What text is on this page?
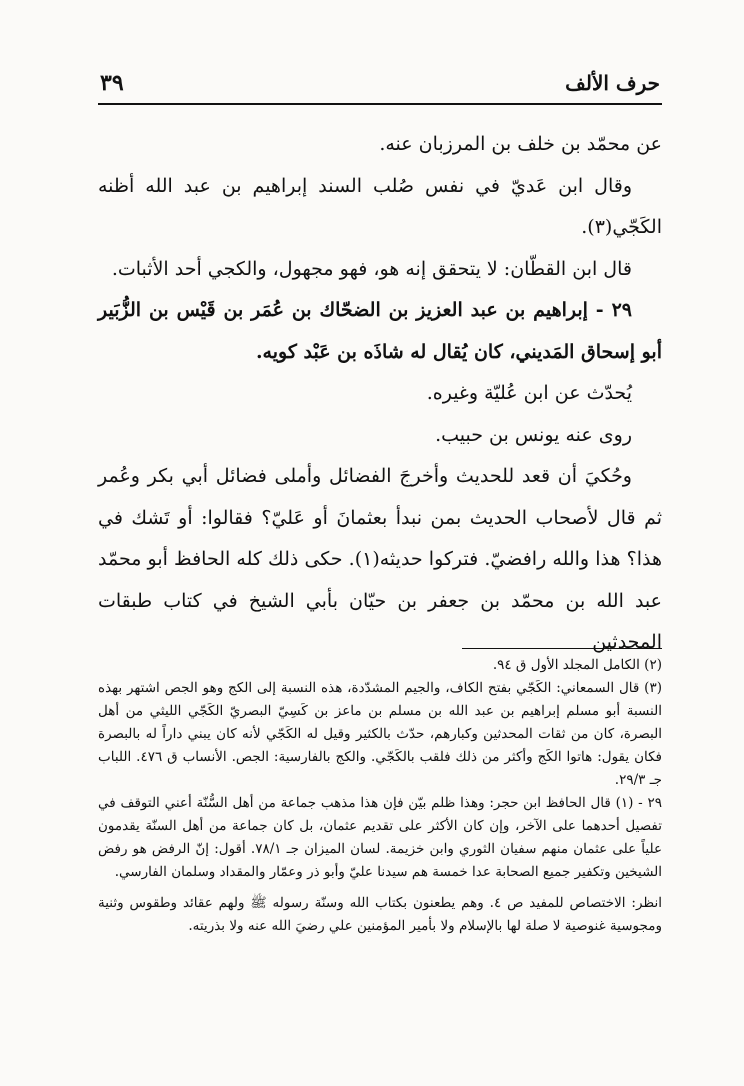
حرف الألف
٣٩

عن محمّد بن خلف بن المرزبان عنه.

وقال ابن عَديّ في نفس صُلب السند إبراهيم بن عبد الله أظنه الكَجّي(٣).

قال ابن القطّان: لا يتحقق إنه هو، فهو مجهول، والكجي أحد الأثبات.

٢٩ - إبراهيم بن عبد العزيز بن الضحّاك بن عُمَر بن قَيْس بن الزُّبَير أبو إسحاق المَديني، كان يُقال له شاذَه بن عَبْد كويه.

يُحدّث عن ابن عُليّة وغيره.

روى عنه يونس بن حبيب.

وحُكيَ أن قعد للحديث وأخرجَ الفضائل وأملى فضائل أبي بكر وعُمر ثم قال لأصحاب الحديث بمن نبدأ بعثمانَ أو عَليّ؟ فقالوا: أو تَشك في هذا؟ هذا والله رافضيّ. فتركوا حديثه(١). حكى ذلك كله الحافظ أبو محمّد عبد الله بن محمّد بن جعفر بن حيّان بأبي الشيخ في كتاب طبقات المحدثين

(٢) الكامل المجلد الأول ق ٩٤.

(٣) قال السمعاني: الكَجّي بفتح الكاف، والجيم المشدّدة، هذه النسبة إلى الكج وهو الجص اشتهر بهذه النسبة أبو مسلم إبراهيم بن عبد الله بن مسلم بن ماعز بن كَسِيّ البصريّ الكَجّي الليثي من أهل البصرة، كان من ثقات المحدثين وكبارهم، حدّث بالكثير وقيل له الكَجّي لأنه كان يبني داراً له بالبصرة فكان يقول: هاتوا الكَج وأكثر من ذلك فلقب بالكَجّي. والكج بالفارسية: الجص. الأنساب ق ٤٧٦. اللباب جـ ٢٩/٣.

٢٩ - (١) قال الحافظ ابن حجر: وهذا ظلم بيّن فإن هذا مذهب جماعة من أهل السُّنّة أعني التوقف في تفصيل أحدهما على الآخر، وإن كان الأكثر على تقديم عثمان، بل كان جماعة من أهل السنّة يقدمون علياً على عثمان منهم سفيان الثوري وابن خزيمة. لسان الميزان جـ ٧٨/١. أقول: إنّ الرفض هو رفض الشيخين وتكفير جميع الصحابة عدا خمسة هم سيدنا عليّ وأبو ذر وعمّار والمقداد وسلمان الفارسي.

انظر: الاختصاص للمفيد ص ٤. وهم يطعنون بكتاب الله وسنّة رسوله ﷺ ولهم عقائد وطقوس وثنية ومجوسية غنوصية لا صلة لها بالإسلام ولا بأمير المؤمنين علي رضيَ الله عنه ولا بذريته.
